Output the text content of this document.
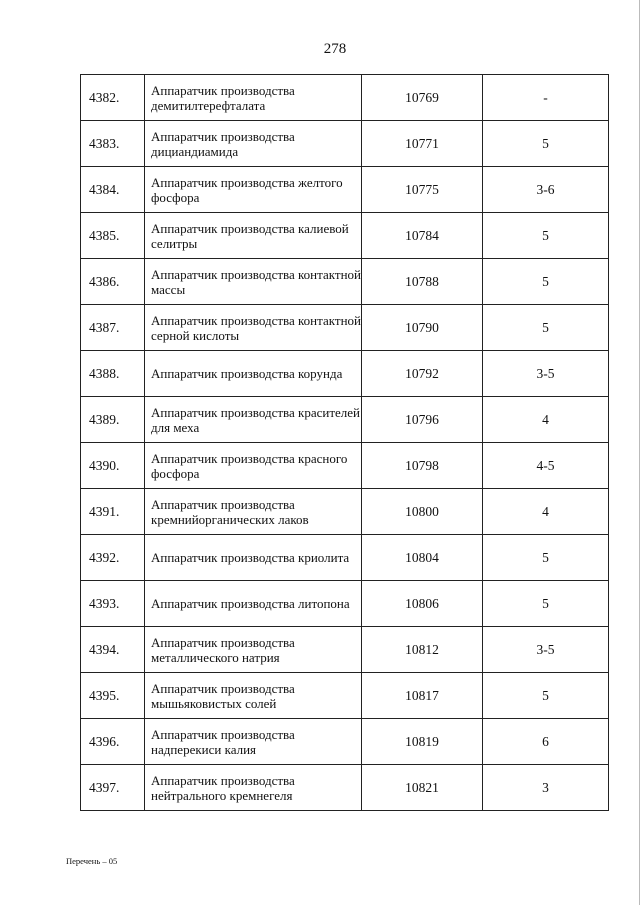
278
4382.	Аппаратчик производства демитилтерефталата	10769	-
4383.	Аппаратчик производства дициандиамида	10771	5
4384.	Аппаратчик производства желтого фосфора	10775	3-6
4385.	Аппаратчик производства калиевой селитры	10784	5
4386.	Аппаратчик производства контактной массы	10788	5
4387.	Аппаратчик производства контактной серной кислоты	10790	5
4388.	Аппаратчик производства корунда	10792	3-5
4389.	Аппаратчик производства красителей для меха	10796	4
4390.	Аппаратчик производства красного фосфора	10798	4-5
4391.	Аппаратчик производства кремнийорганических лаков	10800	4
4392.	Аппаратчик производства криолита	10804	5
4393.	Аппаратчик производства литопона	10806	5
4394.	Аппаратчик производства металлического натрия	10812	3-5
4395.	Аппаратчик производства мышьяковистых солей	10817	5
4396.	Аппаратчик производства надперекиси калия	10819	6
4397.	Аппаратчик производства нейтрального кремнегеля	10821	3
Перечень – 05
